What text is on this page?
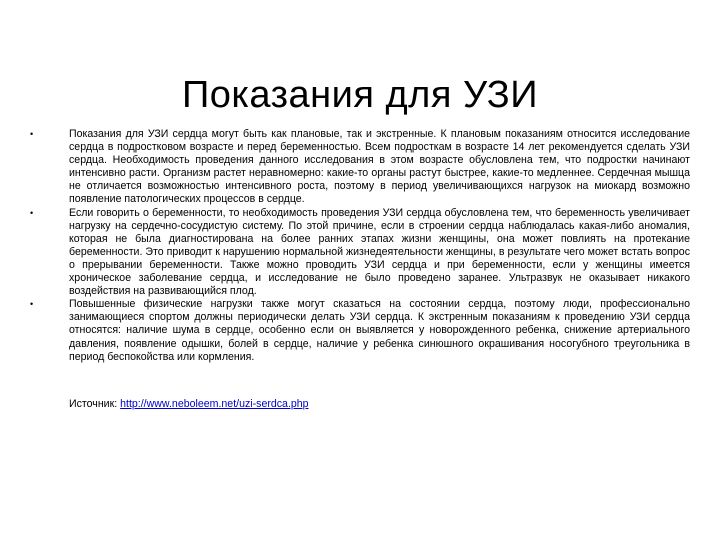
Показания для УЗИ
•	Показания для УЗИ сердца могут быть как плановые, так и экстренные. К плановым показаниям относится исследование сердца в подростковом возрасте и перед беременностью. Всем подросткам в возрасте 14 лет рекомендуется сделать УЗИ сердца. Необходимость проведения данного исследования в этом возрасте обусловлена тем, что подростки начинают интенсивно расти. Организм растет неравномерно: какие-то органы растут быстрее, какие-то медленнее. Сердечная мышца не отличается возможностью интенсивного роста, поэтому в период увеличивающихся нагрузок на миокард возможно появление патологических процессов в сердце.
•	Если говорить о беременности, то необходимость проведения УЗИ сердца обусловлена тем, что беременность увеличивает нагрузку на сердечно-сосудистую систему. По этой причине, если в строении сердца наблюдалась какая-либо аномалия, которая не была диагностирована на более ранних этапах жизни женщины, она может повлиять на протекание беременности. Это приводит к нарушению нормальной жизнедеятельности женщины, в результате чего может встать вопрос о прерывании беременности. Также можно проводить УЗИ сердца и при беременности, если у женщины имеется хроническое заболевание сердца, и исследование не было проведено заранее. Ультразвук не оказывает никакого воздействия на развивающийся плод.
•	Повышенные физические нагрузки также могут сказаться на состоянии сердца, поэтому люди, профессионально занимающиеся спортом должны периодически делать УЗИ сердца. К экстренным показаниям к проведению УЗИ сердца относятся: наличие шума в сердце, особенно если он выявляется у новорожденного ребенка, снижение артериального давления, появление одышки, болей в сердце, наличие у ребенка синюшного окрашивания носогубного треугольника в период беспокойства или кормления.
Источник: http://www.neboleem.net/uzi-serdca.php
